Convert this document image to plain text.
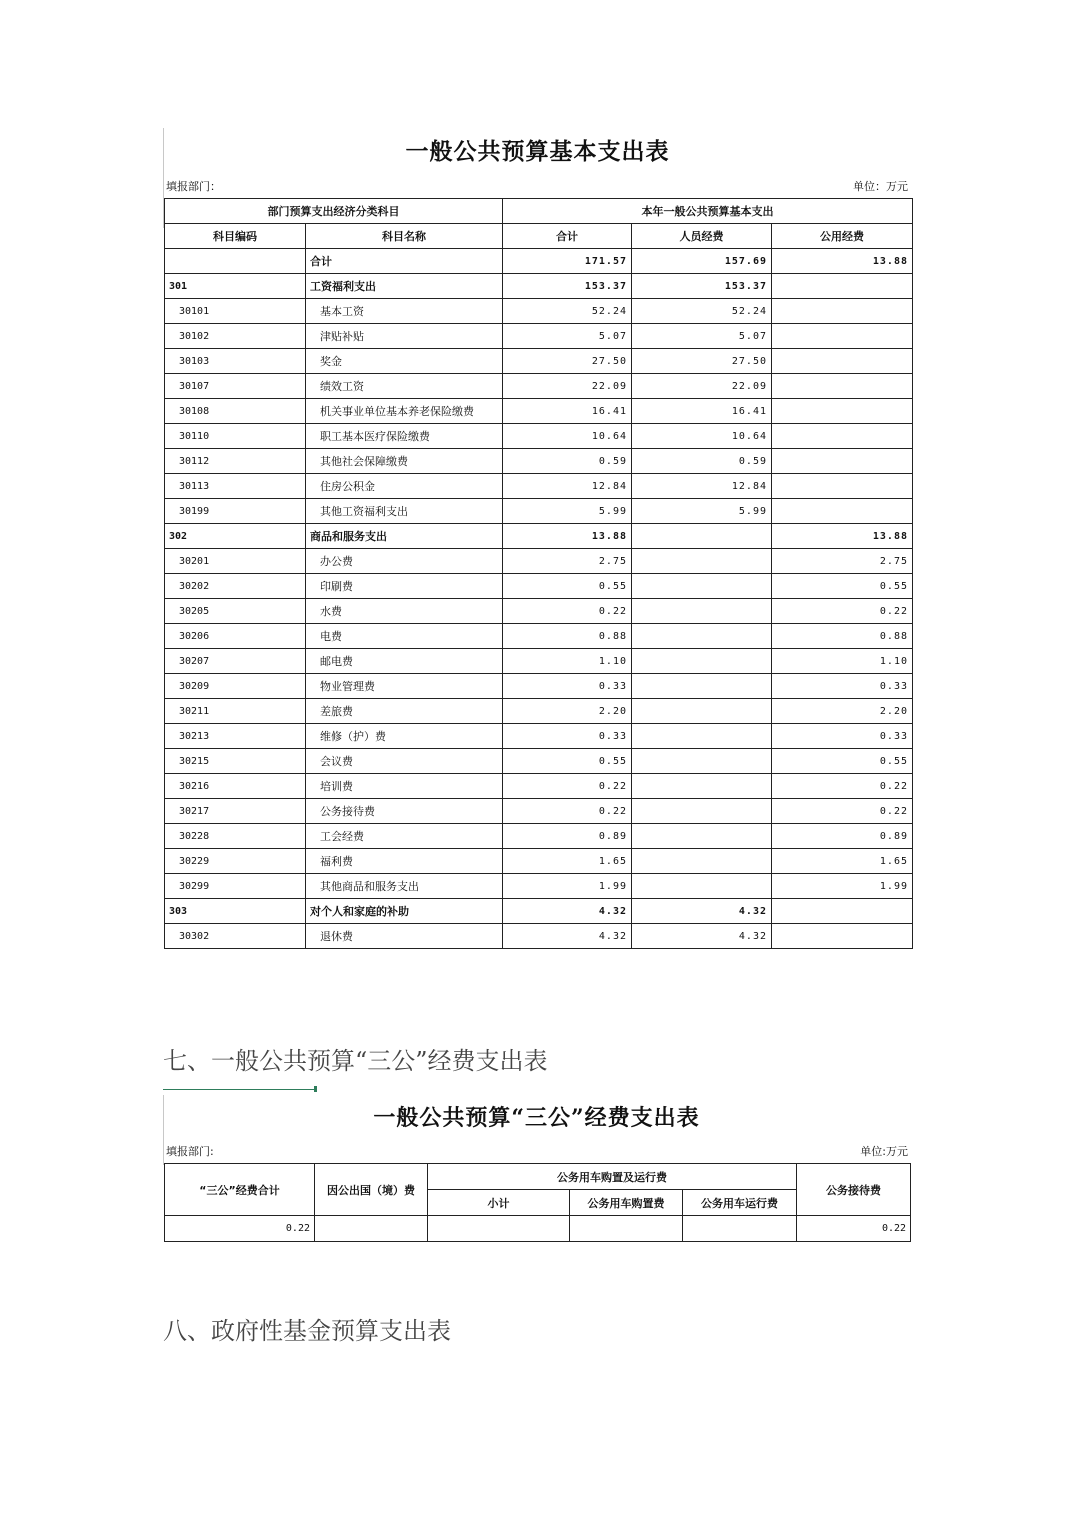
一般公共预算基本支出表
填报部门：	单位：万元
部门预算支出经济分类科目		本年一般公共预算基本支出		
科目编码	科目名称	合计	人员经费	公用经费
	合计	171.57	157.69	13.88
301	工资福利支出	153.37	153.37	
30101	基本工资	52.24	52.24	
30102	津贴补贴	5.07	5.07	
30103	奖金	27.50	27.50	
30107	绩效工资	22.09	22.09	
30108	机关事业单位基本养老保险缴费	16.41	16.41	
30110	职工基本医疗保险缴费	10.64	10.64	
30112	其他社会保障缴费	0.59	0.59	
30113	住房公积金	12.84	12.84	
30199	其他工资福利支出	5.99	5.99	
302	商品和服务支出	13.88		13.88
30201	办公费	2.75		2.75
30202	印刷费	0.55		0.55
30205	水费	0.22		0.22
30206	电费	0.88		0.88
30207	邮电费	1.10		1.10
30209	物业管理费	0.33		0.33
30211	差旅费	2.20		2.20
30213	维修（护）费	0.33		0.33
30215	会议费	0.55		0.55
30216	培训费	0.22		0.22
30217	公务接待费	0.22		0.22
30228	工会经费	0.89		0.89
30229	福利费	1.65		1.65
30299	其他商品和服务支出	1.99		1.99
303	对个人和家庭的补助	4.32	4.32	
30302	退休费	4.32	4.32	
七、一般公共预算“三公”经费支出表
一般公共预算“三公”经费支出表
填报部门:	单位:万元
“三公”经费合计	因公出国（境）费	公务用车购置及运行费			公务接待费
		小计	公务用车购置费	公务用车运行费	
0.22					0.22
八、政府性基金预算支出表
